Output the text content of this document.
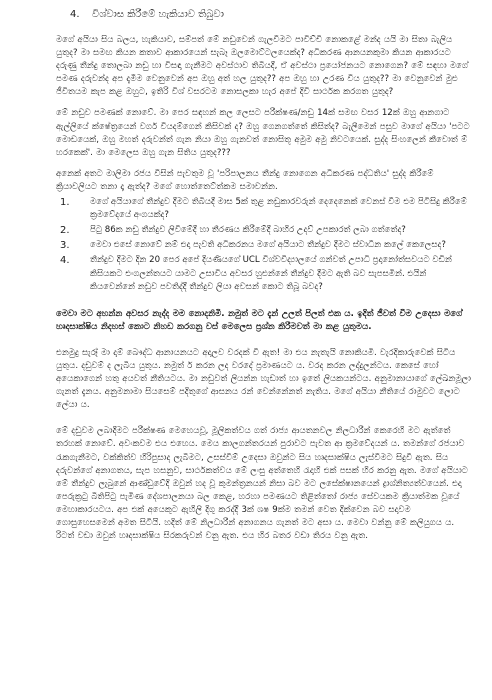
4.	විශ්වාස කිරීමේ හැකියාව තිබුවා

මගේ අයියා සිය බලය, හැකියාව, සම්පත් මේ නඩුවෙන් ගැලවීමට පාවිච්චි නොකළේ මන්ද යයි මා සිතා බැලිය යුතුද? මා සමඟ කියන කතාව ආකාරයෙන් සැබෑ ඔලමොට්ටලයෙක්ද? අධිකරණ ආනයනකුමා කියන ආකාරයට දරුණු තීන්දු තොලබා නඩු හා විසඳා ගැනීමට අවස්ථාව තිබියදී, ඒ අවස්ථා ප්‍රයෝජනයට නොගෙන? මේ සඳහා මගේ පමණ දරුවන්ද අප දැමීම වෙනුවෙන් අප ඔහු අත් හල යුතුද?? අප ඔහු හා උරණ විය යුතුද?? මා වෙනුවෙන් මුළු ජීවිතයම කැප කළ ඔහුට, ඉතිරි විශ් වසරටම නොසලකා හැර අපේ දිවි සාර්ථක කරගත යුතුද?

මේ නඩුව පමණක් නොවේ. මා පෙර සඳහන් කල ලෙසට පරීක්ෂණ/නඩු 14ක් සමඟ වසර 12ක් ඔහු ආනගාට ඇල්ලියේ ක්ෂේත්‍රයෙන් වර්ග වියදම්ගෙන් කිසිවක් ද? ඔහු ගෙනගත්තේ කිසිත්ද? බැලීමෙන් පසුව මාගේ අයියා 'පටට මොඩයෙක්, ඔහු මහත් දරුවන්ත් ගැන නියා ඔහු ගැනවත් නොසිතූ අමුම අමු නිවටයෙක්. සුද්ද සිංහලෙන් කීවොත් ම් හරකෙක්'. මා මෙලෙස ඔහු ගැන සිතිය යුතුද???

අනෙක් අතට මාලිමා රජය විසින් පැවතුම වූ 'පරිපාලනය තීන්දු නොගෙන අධිකරණ පද්ධතිය' සුද්ද කිරීමේ ක්‍රියාවලියට තනා දෑ ඇත්ද? මගේ හොත්තෙට්ත්කම සමාවන්න.

1.	මගේ අයියාගේ තීන්දුව දීමට තිබියදී මාස 5ක් තුළ නඩුකාරවරුන් දෙදෙනෙක් වෙනස් වීම එම පිටිසිදු කිරීමේ ක්‍රමවේදයේ අංගයක්ද?
2.	පිටු 86ක නඩු තීන්දුව ලිවීමේදී හා තීරණය කිරීමේදී බාහිර උදව් උපකාරත් ලබා ගත්තේද?
3.	මෙවා එසේ නොවේ නම් එදා පැවති අධිකරනය මගේ අයියාට තීන්දුව දීමට ස්වාධීන කලේ කෙලෙසද?
4.	තීන්දුව දීමට දින 20 පෙර අපේ දියණියගේ UCL විශ්වවිද්‍යාලයේ ගන්වත් උපාධි ප්‍රදානෝත්සවයට වඩින් කිසියකට එංගලන්තයට යාමට උසාවිය අවසර හුළුන්නේ තීන්දුව දීමට ඇති බව සැපසමින්. එයින් කියවෙන්නේ නඩුව පවතිද්දී තීන්දුව ලියා අවසන් කොට තිබූ බවද?

මෙවා මට අහන්න අවසර නැද්ද මම නොදනිමි. නමුත් මට දැන් උලත් පිලත් එක ය. ඉදිත් ජීවත් වීම උදෙසා මගේ හෘදසාක්ෂිය නිදහස් කොට නිහඩ කරගනු වස් මෙලෙස ප්‍රශ්න කිරීමවත් මා කළ යුතුමය.

එනමුදු සැරූ් මා දාම් බෞද්ධ ආනායනයට අදාලව වරදක් වී ඇත! මා එය නැතැයි නොකියමි. වැරදිකාරුවෙක් සිටිය යුතුය. දඩුවම් ද ලැබිය යුතුය. නමුත් ර් කරන ලද වරදේ ප්‍රමාණයට ය. වරද කරන ලද්දුලන්ටය. කෙසේ හෝ අයෙකාගෙන් හතු අයවත් නීතියටය. මා නඩුවත් ලියන්න හැඩාත් හා ඉතේ ලියකයන්ටය. අනුමානායාගේ ලේඛනමූලා ගැනත් දැනය. අනුමනාමා සියසෙම් පදිතුගේ ආසනය රන් වෙන්නේනත් නැතිය. මගේ අයියා නීතියේ රාමුවට ලොට ලේයා ය.

මේ දඩුවම ලබාදීමට පරීක්ෂණ මෙහෙයවූ, මූලිකත්වය ගත් රාජ්‍ය ආයතනවල නිලධාරීන් කෙරෙහි මට ඇත්තේ තරහක් නොවේ. අවංකවම එය එහෙය. මෙය කාලගන්තරයන් පුරාවට පැවත ආ ක්‍රමවේදයන් ය. තමන්ගේ රජයාව රැකගැනීමට, වක්කිත්ව හිරිපුසාද ලැබීමට, උසස්වීම් උදෙසා ඔවුන්ට සිය හෘදසාක්ෂිය ලැස්වීමට සිදුවී ඇත. සිය දරුවන්ගේ අනාගතය, සැප හසනුව, සාර්ථකත්වය මේ ලංසු අත්තෙහි රැදාහි එක් පසක් හිර කරනු ඇත. මගේ අයියාට මේ තීන්දුව ලැබුනේ ආණ්ඩුවේදි ඔවුන් හද වූ කුමන්ත්‍රනයන් නිසා බව මට ලසේක්ෂානයෙන් ද්‍රාශ්නිත්‍යත්වයෙන්. එදා පෙරුක්‍රටු බිතිපිටු පැමිණ දේශපාලනයා බල කෙළ, හරහා පමණයට තිළිත්තෝ රාජ්‍ය සේවයකම ක්‍රියාත්මක වූයේ මෙහාකාරයටය. අප එක් අයෙකුට ඇහිලි දිගු කරද්දී 3ක් ශෂ 9ක්ම තමන් වෙත දික්වෙන බව සදාවම ගොසුහෙසමෙන් අමත සිටියි. හදිත් මේ නිලධාරීන් අනාගනය ගැනත් මට අසා ය. මෙවා වන්නු මේ කලියුගය ය. රිටත් වඩා ඔවුන් හෘදසාක්ෂිය සිරකරුවන් වනු ඇත. එය හිර බතර වඩා තිරය වනු ඇත.
